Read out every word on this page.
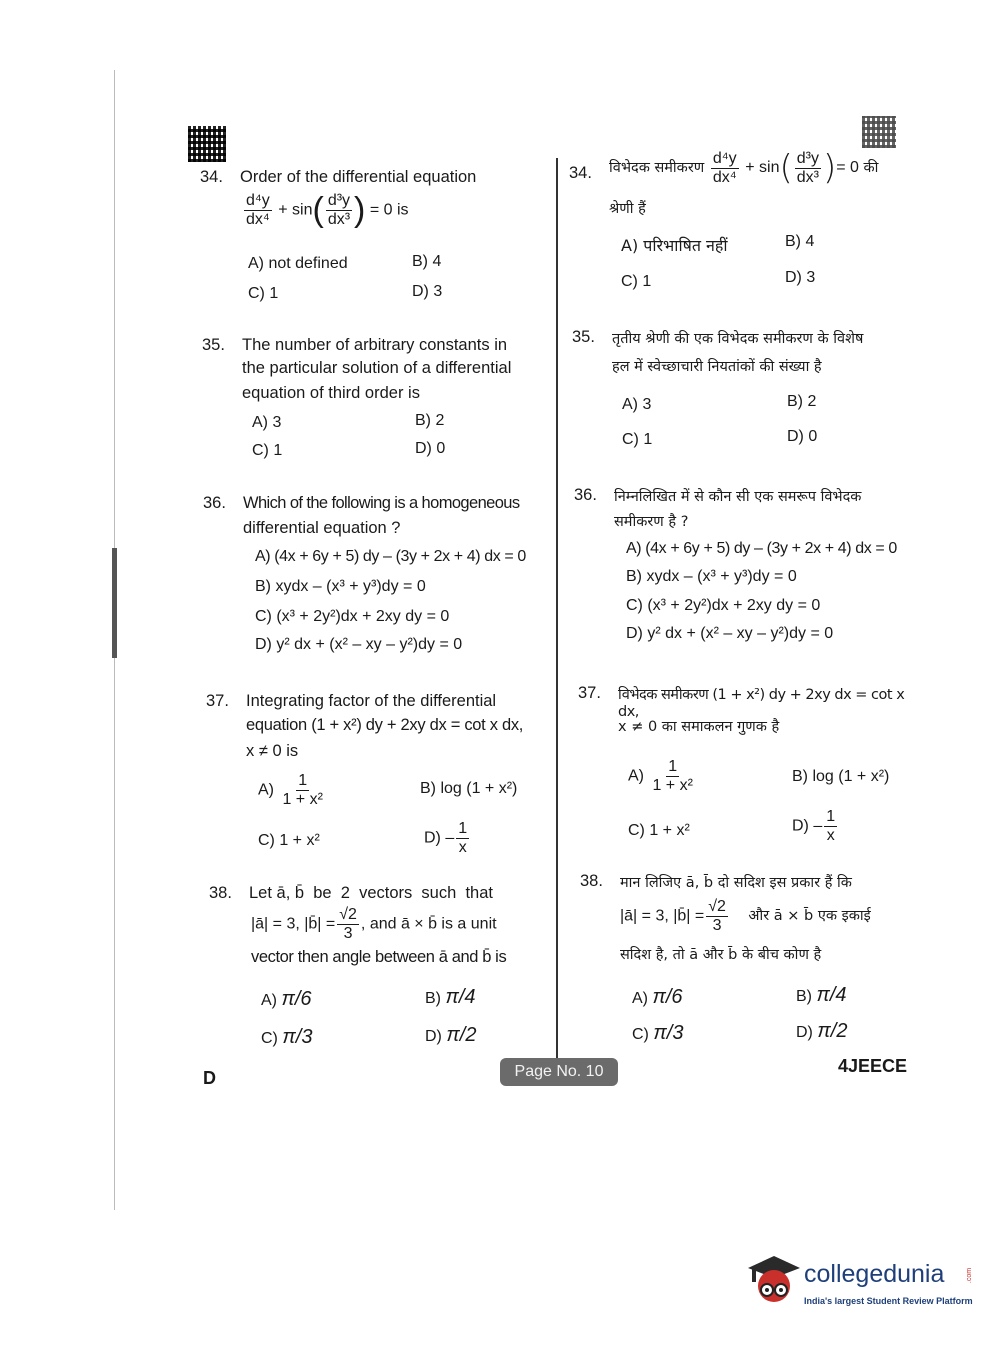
34. Order of the differential equation
$\frac{\text{d⁴y}}{\text{dx⁴}} + \sin( \frac{\text{d³y}}{\text{dx³}}$ ) = 0 is
A) not defined	B) 4
C) 1	D) 3
35. The number of arbitrary constants in
the particular solution of a differential
equation of third order is
A) 3	B) 2
C) 1	D) 0
36. Which of the following is a homogeneous
differential equation ?
A) (4x + 6y + 5) dy – (3y + 2x + 4) dx = 0
B) xydx – (x³ + y³)dy = 0
C) (x³ + 2y²)dx + 2xy dy = 0
D) y² dx + (x² – xy – y²)dy = 0
37. Integrating factor of the differential
equation (1 + x²) dy + 2xy dx = cot x dx,
x ≠ 0 is
$A) \frac{1}{\text{1 + x²}}$	B) log (1 + x²)
C) 1 + x²	$D) - \frac{1}{x}$
38. Let ā, b̄  be  2  vectors  such  that
|ā| = 3, |b̄| = $\frac{√2}{3}$ , and ā × b̄ is a unit
vector then angle between ā and b̄ is
A) π/6	B) π/4
C) π/3	D) π/2
34. विभेदक समीकरण $\frac{\text{d⁴y}}{\text{dx⁴}} + \sin( \frac{\text{d³y}}{\text{dx³}}$ )= 0 की
श्रेणी हैं
A) परिभाषित नहीं	B) 4
C) 1	D) 3
35. तृतीय श्रेणी की एक विभेदक समीकरण के विशेष
हल में स्वेच्छाचारी नियतांकों की संख्या है
A) 3	B) 2
C) 1	D) 0
36. निम्नलिखित में से कौन सी एक समरूप विभेदक
समीकरण है ?
A) (4x + 6y + 5) dy – (3y + 2x + 4) dx = 0
B) xydx – (x³ + y³)dy = 0
C) (x³ + 2y²)dx + 2xy dy = 0
D) y² dx + (x² – xy – y²)dy = 0
37. विभेदक समीकरण (1 + x²) dy + 2xy dx = cot x dx,
x ≠ 0 का समाकलन गुणक है
$A) \frac{1}{\text{1 + x²}}$	B) log (1 + x²)
C) 1 + x²	$D) - \frac{1}{x}$
38. मान लिजिए ā, b̄ दो सदिश इस प्रकार हैं कि
|ā| = 3, |b̄| = $\frac{√2}{3}$ और ā × b̄ एक इकाई
सदिश है, तो ā और b̄ के बीच कोण है
A) π/6	B) π/4
C) π/3	D) π/2
D	Page No. 10	4JEECE
collegedunia	.com
India's largest Student Review Platform
